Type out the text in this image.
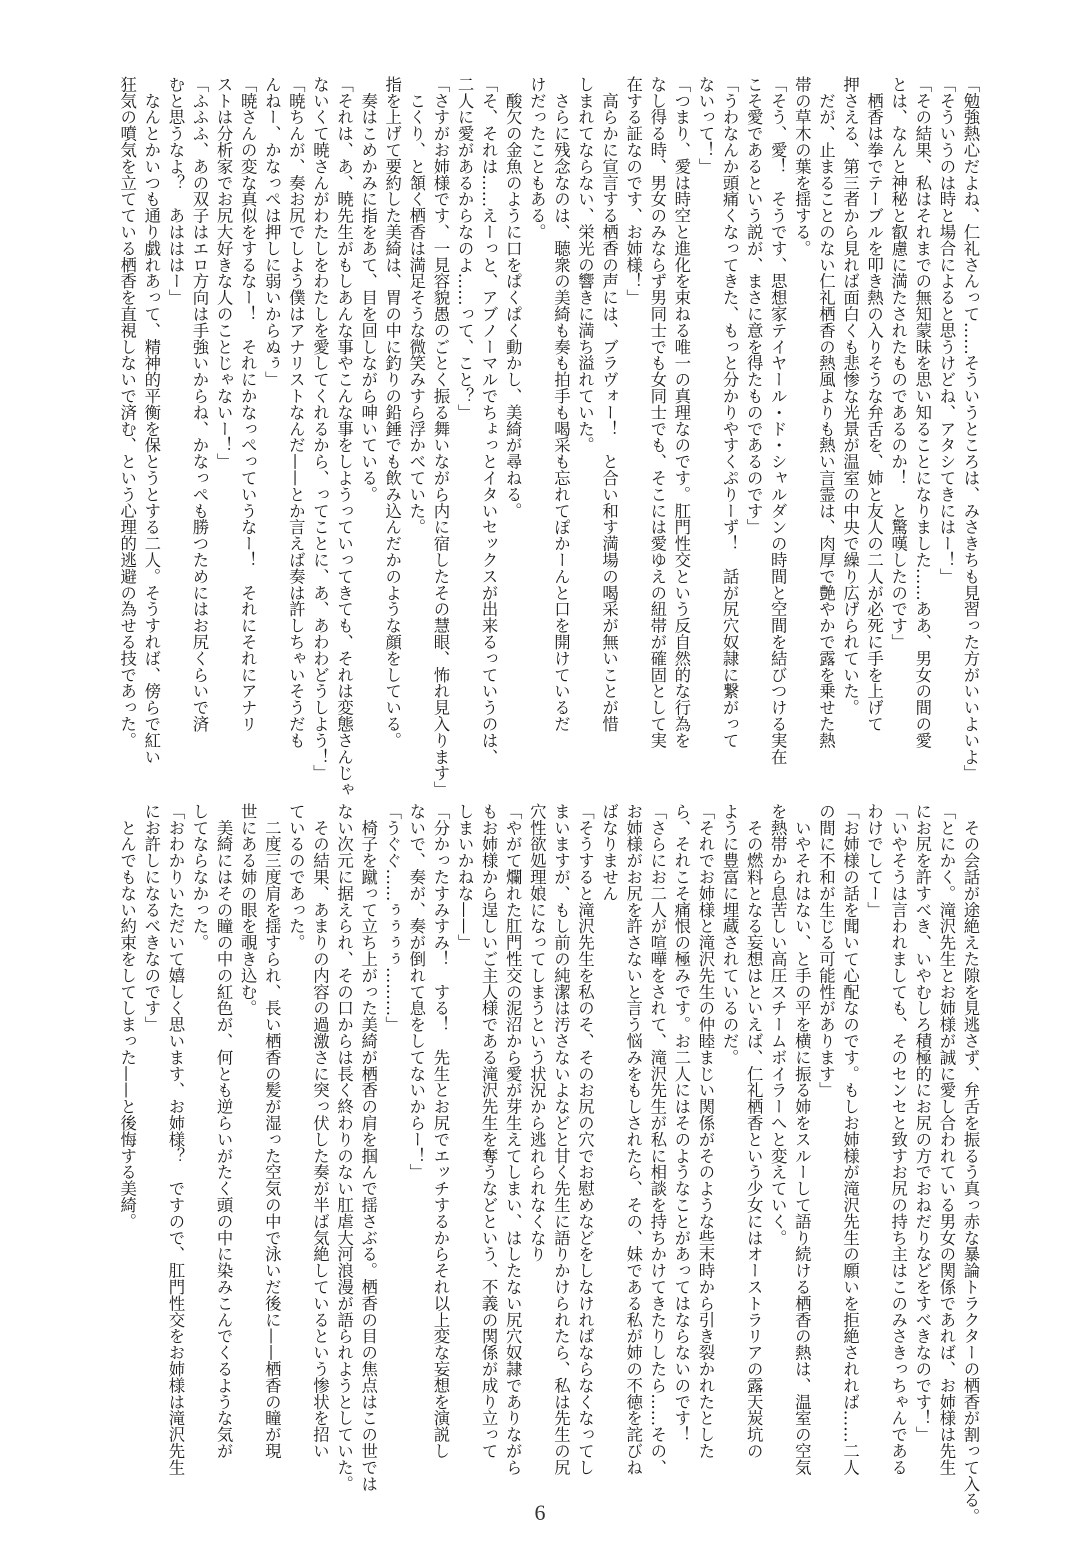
「勉強熱心だよね、仁礼さんって……そういうところは、みさきちも見習った方がいいよいよ」

「そういうのは時と場合によると思うけどね、アタシてきにはー！」

「その結果、私はそれまでの無知蒙昧を思い知ることになりました……ああ、男女の間の愛

とは、なんと神秘と叡慮に満たされたものであるのか！　と驚嘆したのです」

　栖香は拳でテーブルを叩き熱の入りそうな弁舌を、姉と友人の二人が必死に手を上げて

押さえる、第三者から見れば面白くも悲惨な光景が温室の中央で繰り広げられていた。

　だが、止まることのない仁礼栖香の熱風よりも熱い言霊は、肉厚で艶やかで露を乗せた熱

帯の草木の葉を揺する。

「そう、愛！　そうです、思想家テイヤール・ド・シャルダンの時間と空間を結びつける実在

こそ愛であるという説が、まさに意を得たものであるのです」

「うわなんか頭痛くなってきた、もっと分かりやすくぷりーず！　話が尻穴奴隷に繋がって

ないって！」

「つまり、愛は時空と進化を束ねる唯一の真理なのです。肛門性交という反自然的な行為を

なし得る時、男女のみならず男同士でも女同士でも、そこには愛ゆえの紐帯が確固として実

在する証なのです、お姉様！」

　高らかに宣言する栖香の声には、ブラヴォー！　と合い和す満場の喝采が無いことが惜

しまれてならない、栄光の響きに満ち溢れていた。

　さらに残念なのは、聴衆の美綺も奏も拍手も喝采も忘れてぽかーんと口を開けているだ

けだったこともある。

　酸欠の金魚のように口をぱくぱく動かし、美綺が尋ねる。

「そ、それは……えーっと、アブノーマルでちょっとイタいセックスが出来るっていうのは、

二人に愛があるからなのよ……って、こと？」

「さすがお姉様です、一見容貌愚のごとく振る舞いながら内に宿したその慧眼、怖れ見入ります」

　こくり、と頷く栖香は満足そうな微笑みすら浮かべていた。

指を上げて要約した美綺は、胃の中に釣りの鉛錘でも飲み込んだかのような顔をしている。

　奏はこめかみに指をあて、目を回しながら呻いている。

「それは、あ、暁先生がもしあんな事やこんな事をしようっていってきても、それは変態さんじゃ

ないくて暁さんがわたしをわたしを愛してくれるから、ってことに、あ、あわわどうしよう！」

「暁ちんが、奏お尻でしよう僕はアナリストなんだ——とか言えば奏は許しちゃいそうだも

んねー、かなっぺは押しに弱いからぬぅ」

「暁さんの変な真似をするなー！　それにかなっぺっていうなー！　それにそれにアナリ

ストは分析家でお尻大好きな人のことじゃないー！」

「ふふふ、あの双子はエロ方向は手強いからね、かなっぺも勝つためにはお尻くらいで済

むと思うなよ？　あはははー」

　なんとかいつも通り戯れあって、精神的平衡を保とうとする二人。そうすれば、傍らで紅い

狂気の噴気を立てている栖香を直視しないで済む、という心理的逃避の為せる技であった。

　その会話が途絶えた隙を見逃さず、弁舌を振るう真っ赤な暴論トラクターの栖香が割って入る。

「とにかく。滝沢先生とお姉様が誠に愛し合われている男女の関係であれば、お姉様は先生

にお尻を許すべき、いやむしろ積極的にお尻の方でおねだりなどをすべきなのです！」

「いやそうは言われましても、そのセンセと致すお尻の持ち主はこのみさきっちゃんである

わけでしてー」

「お姉様の話を聞いて心配なのです。もしお姉様が滝沢先生の願いを拒絶されれば……二人

の間に不和が生じる可能性があります」

　いやそれはない、と手の平を横に振る姉をスルーして語り続ける栖香の熱は、温室の空気

を熱帯から息苦しい高圧スチームボイラーへと変えていく。

　その燃料となる妄想はといえば、仁礼栖香という少女にはオーストラリアの露天炭坑の

ように豊富に埋蔵されているのだ。

「それでお姉様と滝沢先生の仲睦まじい関係がそのような些末時から引き裂かれたとした

ら、それこそ痛恨の極みです。お二人にはそのようなことがあってはならないのです！

「さらにお二人が喧嘩をされて、滝沢先生が私に相談を持ちかけてきたりしたら……その、

お姉様がお尻を許さないと言う悩みをもしされたら、その、妹である私が姉の不徳を詫びね

ばなりません

「そうすると滝沢先生を私のそ、そのお尻の穴でお慰めなどをしなければならなくなってし

まいますが、もし前の純潔は汚さないよなどと甘く先生に語りかけられたら、私は先生の尻

穴性欲処理娘になってしまうという状況から逃れられなくなり

「やがて爛れた肛門性交の泥沼から愛が芽生えてしまい、はしたない尻穴奴隷でありながら

もお姉様から逞しいご主人様である滝沢先生を奪うなどという、不義の関係が成り立って

しまいかねな——」

「分かったすみすみ！　する！　先生とお尻でエッチするからそれ以上変な妄想を演説し

ないで、奏が、奏が倒れて息をしてないからー！」

「うぐぐ……ぅぅぅぅ………」

　椅子を蹴って立ち上がった美綺が栖香の肩を掴んで揺さぶる。栖香の目の焦点はこの世では

ない次元に据えられ、その口からは長く終わりのない肛虐大河浪漫が語られようとしていた。

　その結果、あまりの内容の過激さに突っ伏した奏が半ば気絶しているという惨状を招い

ているのであった。

　二度三度肩を揺すられ、長い栖香の髪が湿った空気の中で泳いだ後に——栖香の瞳が現

世にある姉の眼を覗き込む。

　美綺にはその瞳の中の紅色が、何とも逆らいがたく頭の中に染みこんでくるような気が

してならなかった。

「おわかりいただいて嬉しく思います、お姉様？　ですので、肛門性交をお姉様は滝沢先生

にお許しになるべきなのです」

　とんでもない約束をしてしまった——と後悔する美綺。

6
